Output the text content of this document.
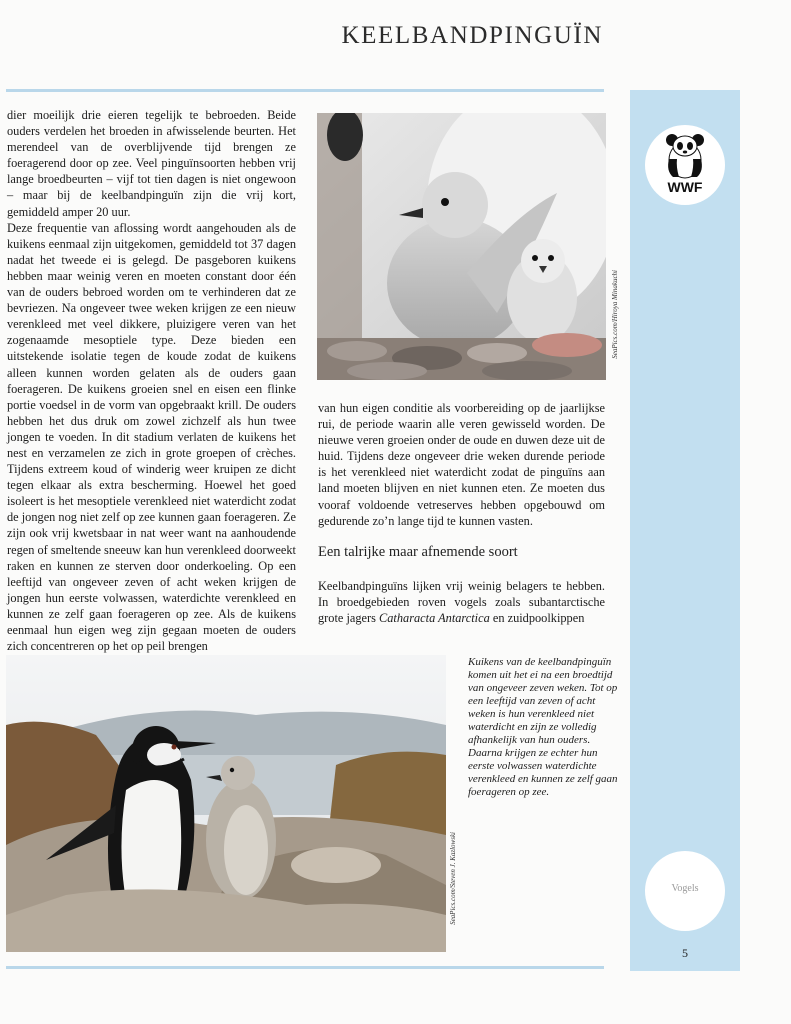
KEELBANDPINGUÏN
WWF

dier moeilijk drie eieren tegelijk te bebroeden. Beide ouders verdelen het broeden in afwisselende beurten. Het merendeel van de overblijvende tijd brengen ze foeragerend door op zee. Veel pinguïnsoorten hebben vrij lange broedbeurten – vijf tot tien dagen is niet ongewoon – maar bij de keelbandpinguïn zijn die vrij kort, gemiddeld amper 20 uur.

Deze frequentie van aflossing wordt aangehouden als de kuikens eenmaal zijn uitgekomen, gemiddeld tot 37 dagen nadat het tweede ei is gelegd. De pasgeboren kuikens hebben maar weinig veren en moeten constant door één van de ouders bebroed worden om te verhinderen dat ze bevriezen. Na ongeveer twee weken krijgen ze een nieuw verenkleed met veel dikkere, pluizigere veren van het zogenaamde mesoptiele type. Deze bieden een uitstekende isolatie tegen de koude zodat de kuikens alleen kunnen worden gelaten als de ouders gaan foerageren. De kuikens groeien snel en eisen een flinke portie voedsel in de vorm van opgebraakt krill. De ouders hebben het dus druk om zowel zichzelf als hun twee jongen te voeden. In dit stadium verlaten de kuikens het nest en verzamelen ze zich in grote groepen of crèches. Tijdens extreem koud of winderig weer kruipen ze dicht tegen elkaar als extra bescherming. Hoewel het goed isoleert is het mesoptiele verenkleed niet waterdicht zodat de jongen nog niet zelf op zee kunnen gaan foerageren. Ze zijn ook vrij kwetsbaar in nat weer want na aanhoudende regen of smeltende sneeuw kan hun verenkleed doorweekt raken en kunnen ze sterven door onderkoeling. Op een leeftijd van ongeveer zeven of acht weken krijgen de jongen hun eerste volwassen, waterdichte verenkleed en kunnen ze zelf gaan foerageren op zee. Als de kuikens eenmaal hun eigen weg zijn gegaan moeten de ouders zich concentreren op het op peil brengen

SeaPics.com/Hiroya Minakuchi

van hun eigen conditie als voorbereiding op de jaarlijkse rui, de periode waarin alle veren gewisseld worden. De nieuwe veren groeien onder de oude en duwen deze uit de huid. Tijdens deze ongeveer drie weken durende periode is het verenkleed niet waterdicht zodat de pinguïns aan land moeten blijven en niet kunnen eten. Ze moeten dus vooraf voldoende vetreserves hebben opgebouwd om gedurende zo’n lange tijd te kunnen vasten.

Een talrijke maar afnemende soort

Keelbandpinguïns lijken vrij weinig belagers te hebben. In broedgebieden roven vogels zoals subantarctische grote jagers Catharacta Antarctica en zuidpoolkippen

SeaPics.com/Steven J. Kazlowski
Kuikens van de keelbandpinguïn komen uit het ei na een broedtijd van ongeveer zeven weken. Tot op een leeftijd van zeven of acht weken is hun verenkleed niet waterdicht en zijn ze volledig afhankelijk van hun ouders. Daarna krijgen ze echter hun eerste volwassen waterdichte verenkleed en kunnen ze zelf gaan foerageren op zee.
Vogels
5
